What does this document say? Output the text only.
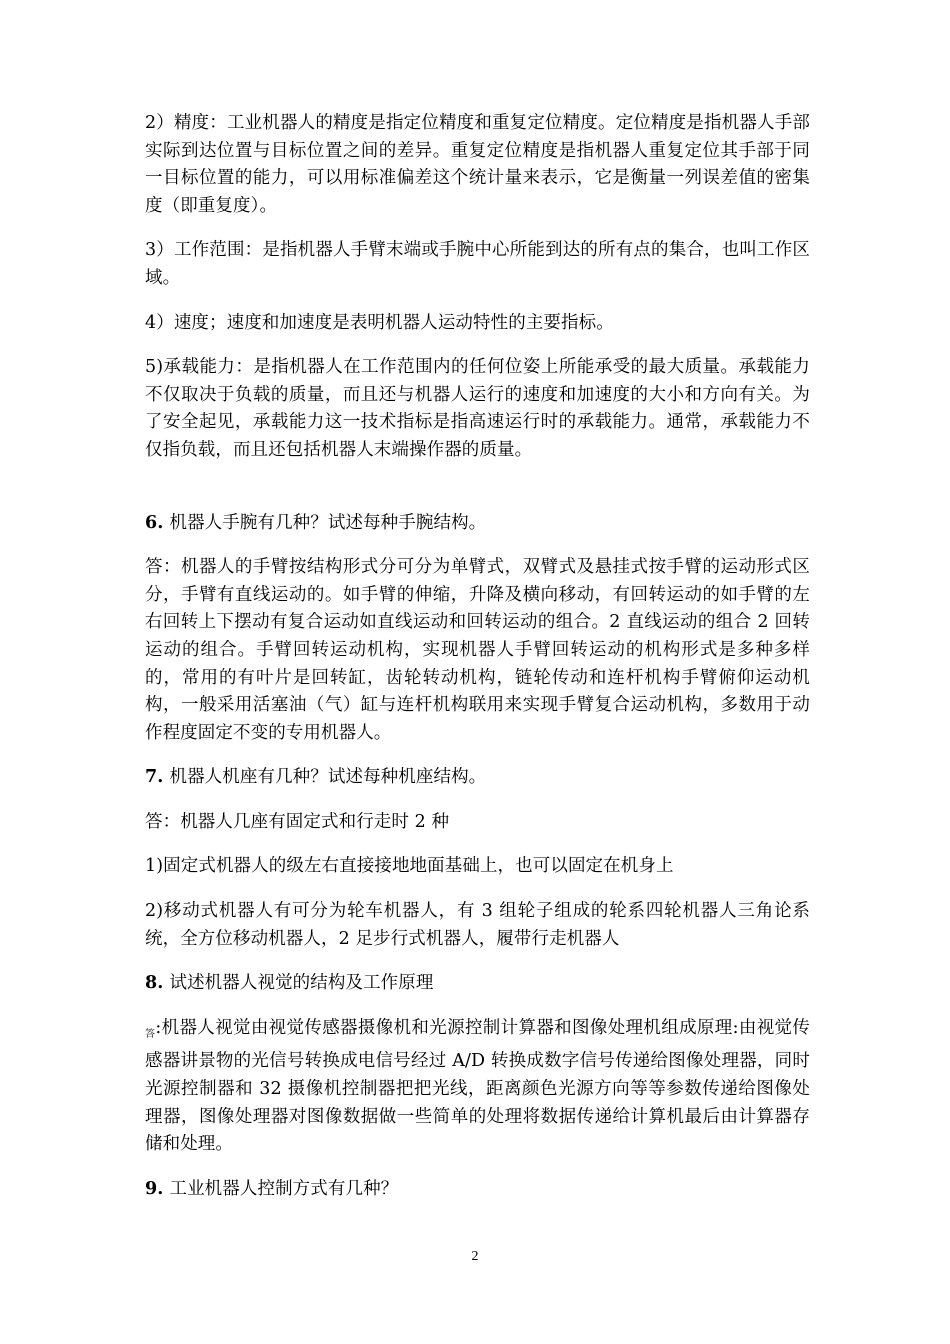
2）精度：工业机器人的精度是指定位精度和重复定位精度。定位精度是指机器人手部实际到达位置与目标位置之间的差异。重复定位精度是指机器人重复定位其手部于同一目标位置的能力，可以用标准偏差这个统计量来表示，它是衡量一列误差值的密集度（即重复度）。

3）工作范围：是指机器人手臂末端或手腕中心所能到达的所有点的集合，也叫工作区域。

4）速度；速度和加速度是表明机器人运动特性的主要指标。

5)承载能力：是指机器人在工作范围内的任何位姿上所能承受的最大质量。承载能力不仅取决于负载的质量，而且还与机器人运行的速度和加速度的大小和方向有关。为了安全起见，承载能力这一技术指标是指高速运行时的承载能力。通常，承载能力不仅指负载，而且还包括机器人末端操作器的质量。

6. 机器人手腕有几种？试述每种手腕结构。

答：机器人的手臂按结构形式分可分为单臂式，双臂式及悬挂式按手臂的运动形式区分，手臂有直线运动的。如手臂的伸缩，升降及横向移动，有回转运动的如手臂的左右回转上下摆动有复合运动如直线运动和回转运动的组合。2 直线运动的组合 2 回转运动的组合。手臂回转运动机构，实现机器人手臂回转运动的机构形式是多种多样的，常用的有叶片是回转缸，齿轮转动机构，链轮传动和连杆机构手臂俯仰运动机构，一般采用活塞油（气）缸与连杆机构联用来实现手臂复合运动机构，多数用于动作程度固定不变的专用机器人。

7. 机器人机座有几种？试述每种机座结构。

答：机器人几座有固定式和行走时 2 种

1)固定式机器人的级左右直接接地地面基础上，也可以固定在机身上

2)移动式机器人有可分为轮车机器人，有 3 组轮子组成的轮系四轮机器人三角论系统，全方位移动机器人，2 足步行式机器人，履带行走机器人

8. 试述机器人视觉的结构及工作原理

$_答$:机器人视觉由视觉传感器摄像机和光源控制计算器和图像处理机组成原理:由视觉传感器讲景物的光信号转换成电信号经过 A/D 转换成数字信号传递给图像处理器，同时光源控制器和 32 摄像机控制器把把光线，距离颜色光源方向等等参数传递给图像处理器，图像处理器对图像数据做一些简单的处理将数据传递给计算机最后由计算器存储和处理。

9. 工业机器人控制方式有几种？

2
